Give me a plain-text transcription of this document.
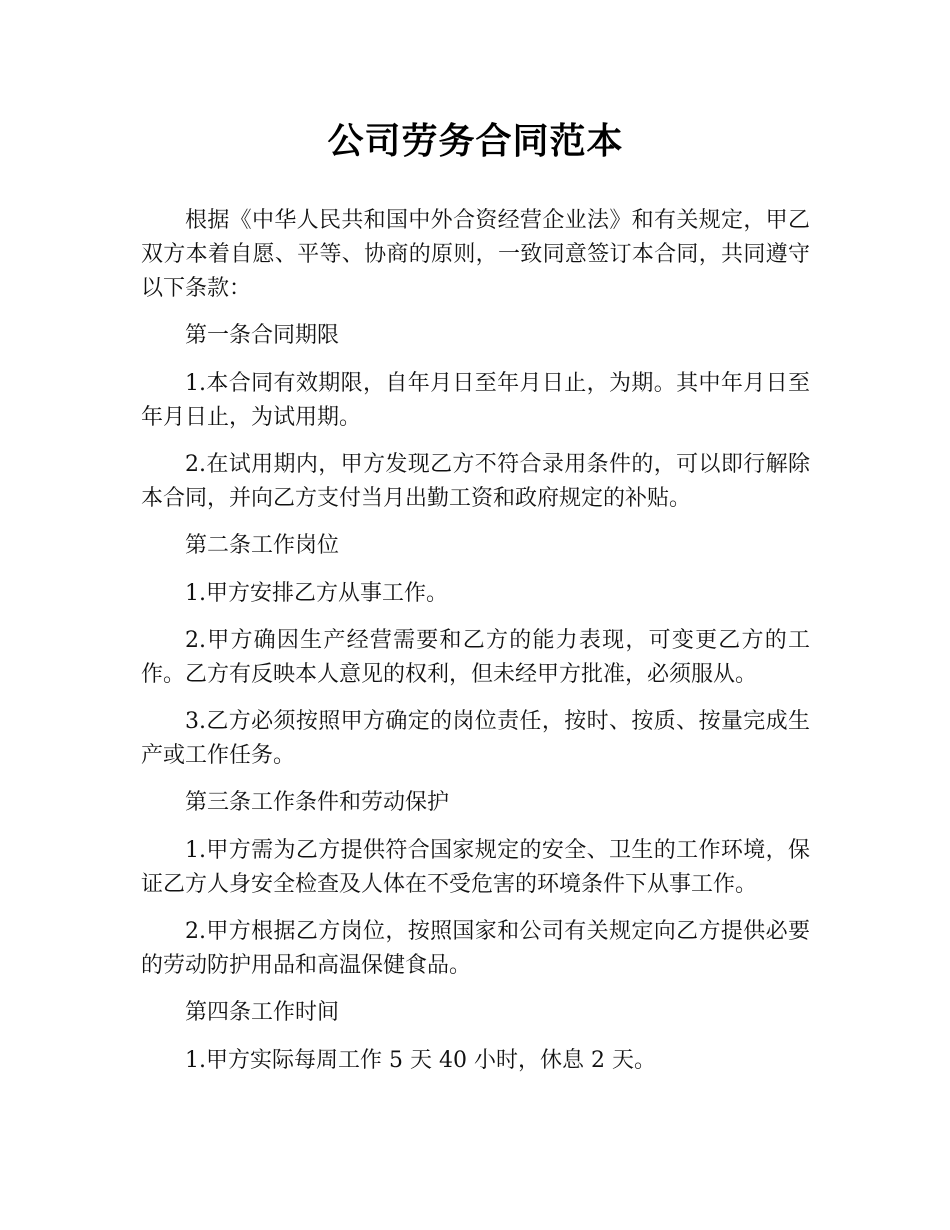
公司劳务合同范本

根据《中华人民共和国中外合资经营企业法》和有关规定，甲乙双方本着自愿、平等、协商的原则，一致同意签订本合同，共同遵守以下条款：

第一条合同期限

1.本合同有效期限，自年月日至年月日止，为期。其中年月日至年月日止，为试用期。

2.在试用期内，甲方发现乙方不符合录用条件的，可以即行解除本合同，并向乙方支付当月出勤工资和政府规定的补贴。

第二条工作岗位

1.甲方安排乙方从事工作。

2.甲方确因生产经营需要和乙方的能力表现，可变更乙方的工作。乙方有反映本人意见的权利，但未经甲方批准，必须服从。

3.乙方必须按照甲方确定的岗位责任，按时、按质、按量完成生产或工作任务。

第三条工作条件和劳动保护

1.甲方需为乙方提供符合国家规定的安全、卫生的工作环境，保证乙方人身安全检查及人体在不受危害的环境条件下从事工作。

2.甲方根据乙方岗位，按照国家和公司有关规定向乙方提供必要的劳动防护用品和高温保健食品。

第四条工作时间

1.甲方实际每周工作 5 天 40 小时，休息 2 天。
